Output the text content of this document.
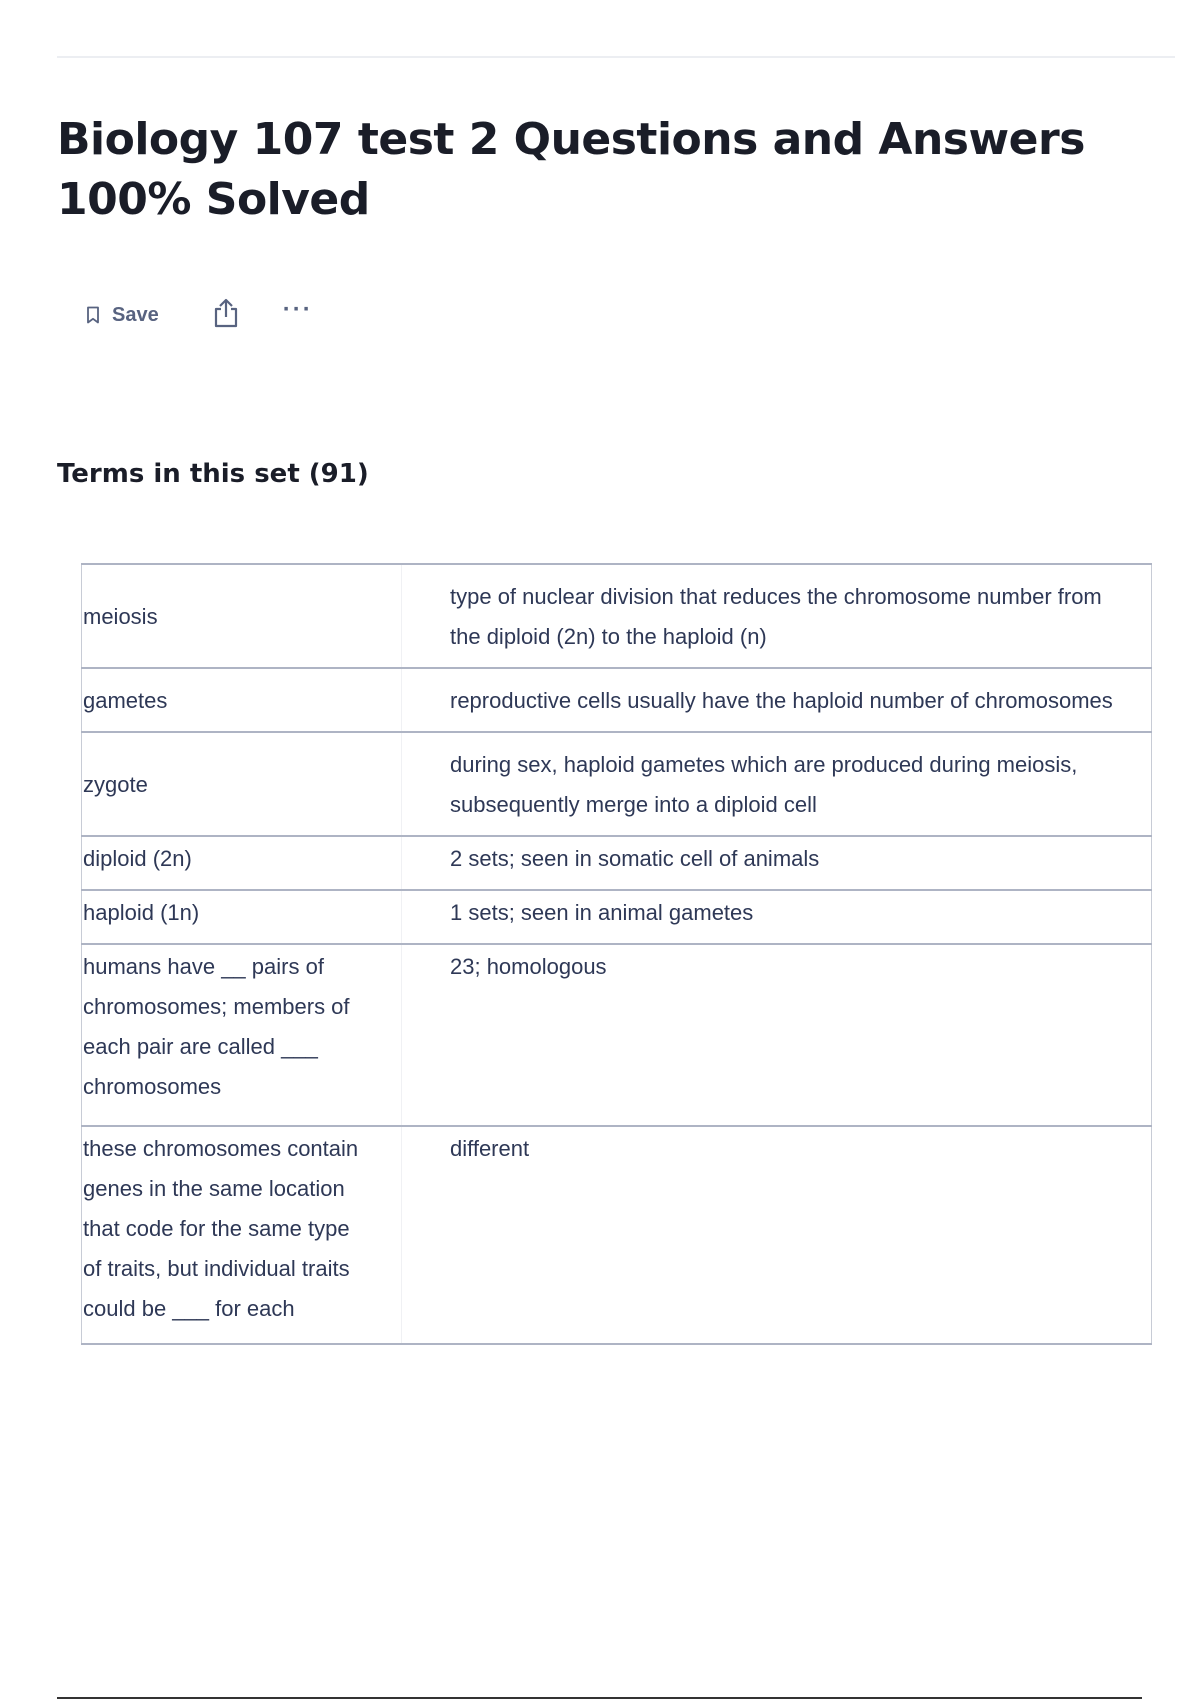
Biology 107 test 2 Questions and Answers 100% Solved
Save	···
Terms in this set (91)
meiosis	type of nuclear division that reduces the chromosome number from the diploid (2n) to the haploid (n)
gametes	reproductive cells usually have the haploid number of chromosomes
zygote	during sex, haploid gametes which are produced during meiosis, subsequently merge into a diploid cell
diploid (2n)	2 sets; seen in somatic cell of animals
haploid (1n)	1 sets; seen in animal gametes
humans have __ pairs of chromosomes; members of each pair are called ___ chromosomes	23; homologous
these chromosomes contain genes in the same location that code for the same type of traits, but individual traits could be ___ for each	different
